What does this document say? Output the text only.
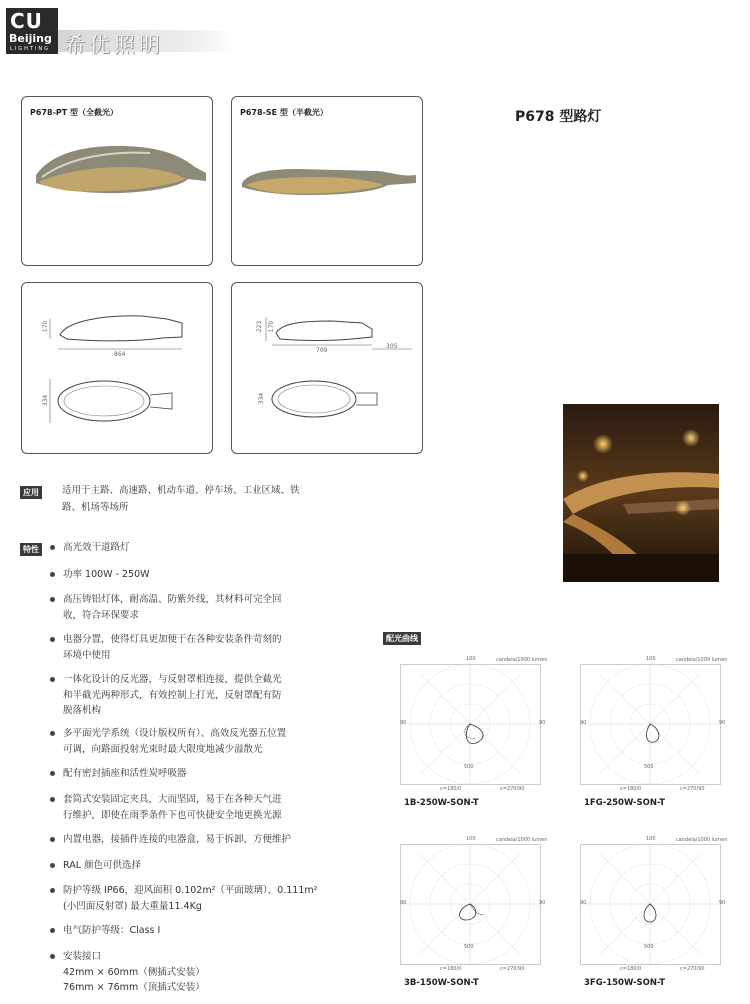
CU
Beijing
LIGHTING 希优照明
P678 型路灯
P678-PT 型（全截光）	P678-SE 型（半截光）
170
864
334
223 170
709
305
334
应用	适用于主路、高速路、机动车道、停车场、工业区域、铁
路、机场等场所
特性	高光效干道路灯
功率 100W - 250W
高压铸铝灯体，耐高温、防紫外线，其材料可完全回
收，符合环保要求
电器分置，使得灯具更加便于在各种安装条件苛刻的
环境中使用
一体化设计的反光器，与反射罩相连接，提供全截光
和半截光两种形式，有效控制上打光，反射罩配有防
脱落机构
多平面光学系统（设计版权所有）、高效反光器五位置
可调，向路面投射光束时最大限度地减少溢散光
配有密封插座和活性炭呼吸器
套筒式安装固定夹具，大而坚固，易于在各种天气进
行维护，即使在雨季条件下也可快捷安全地更换光源
内置电器，接插件连接的电器盒，易于拆卸，方便维护
RAL 颜色可供选择
防护等级 IP66，迎风面积 0.102m²（平面玻璃）、0.111m²
(小凹面反射罩) 最大重量11.4Kg
电气防护等级：Class I
安装接口
42mm × 60mm（侧插式安装）
76mm × 76mm（顶插式安装）
配光曲线
100
90	90
candela/1000 lumen
500
c=180/0	c=270/90
1B-250W-SON-T
100
90	90
candela/1000 lumen
500
c=180/0	c=270/90
1FG-250W-SON-T
100
90	90
candela/1000 lumen
500
c=180/0	c=270/90
3B-150W-SON-T
100
90	90
candela/1000 lumen
500
c=180/0	c=270/90
3FG-150W-SON-T
